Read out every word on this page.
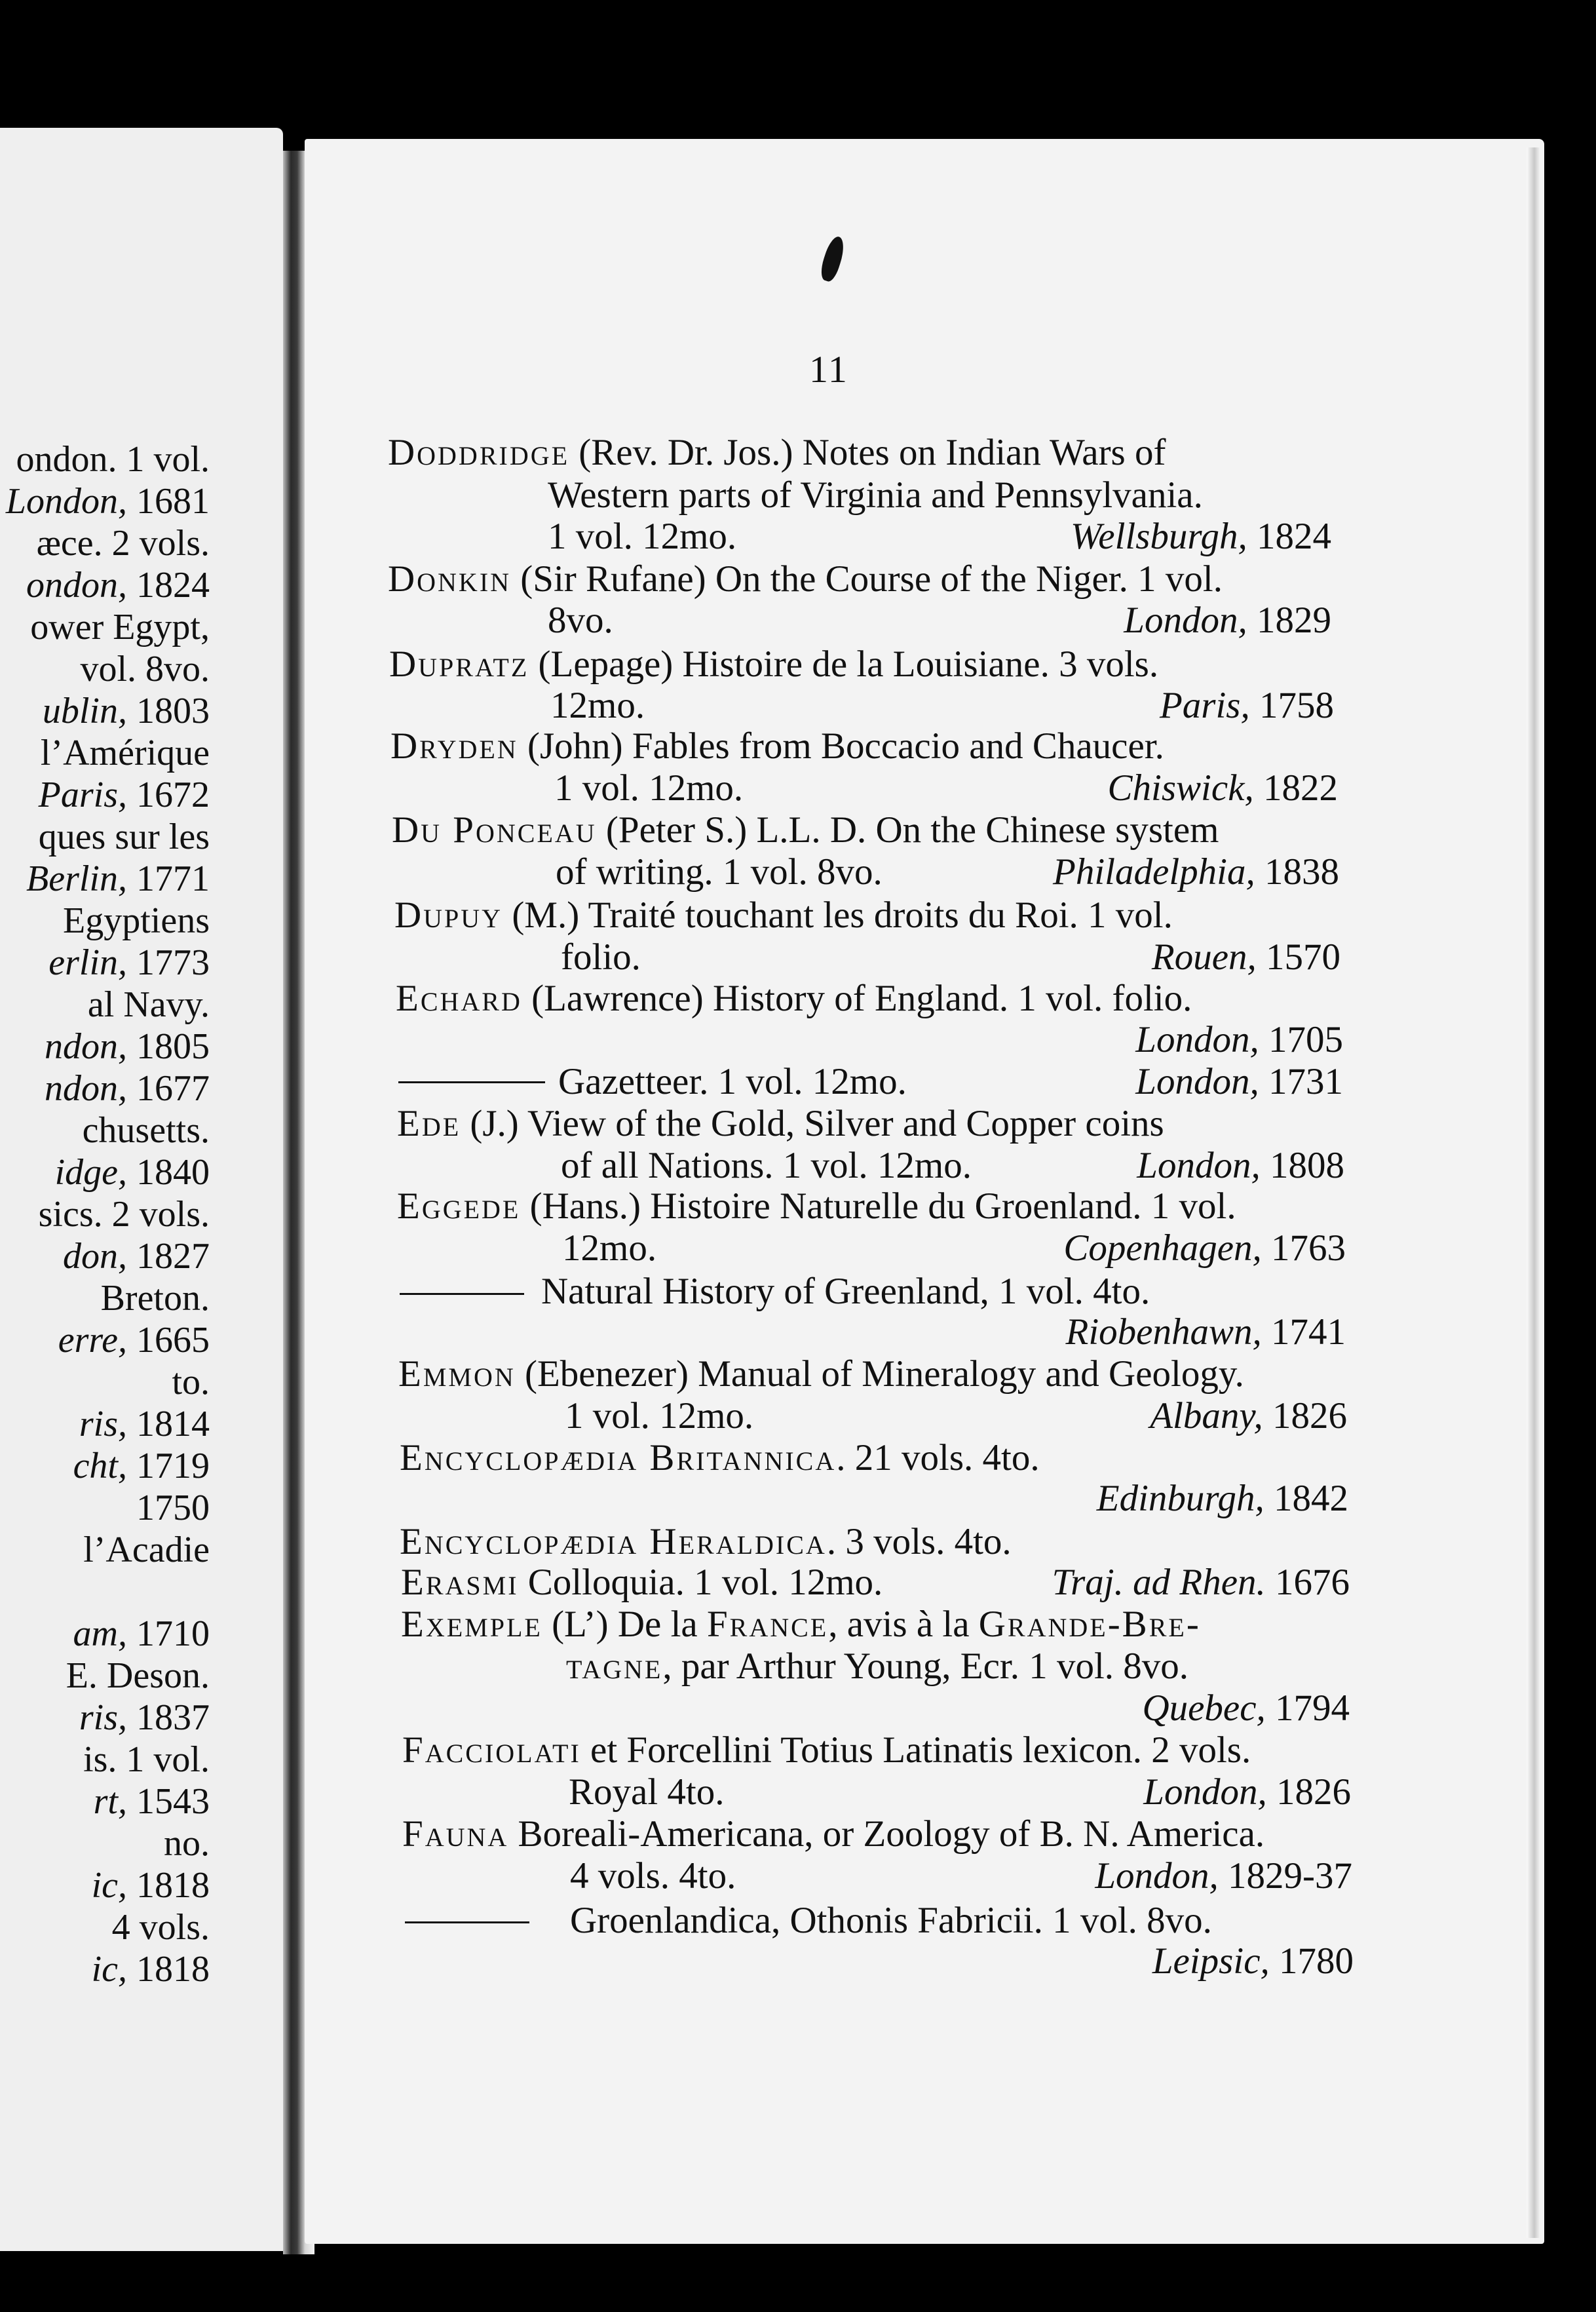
ondon. 1 vol.
London, 1681
æce. 2 vols.
ondon, 1824
ower Egypt,
vol. 8vo.
ublin, 1803
l’Amérique
Paris, 1672
ques sur les
Berlin, 1771
Egyptiens
erlin, 1773
al Navy.
ndon, 1805
ndon, 1677
chusetts.
idge, 1840
sics. 2 vols.
don, 1827
Breton.
erre, 1665
to.
ris, 1814
cht, 1719
1750
l’Acadie
am, 1710
E. Deson.
ris, 1837
is. 1 vol.
rt, 1543
no.
ic, 1818
4 vols.
ic, 1818
11
Doddridge (Rev. Dr. Jos.) Notes on Indian Wars of
Western parts of Virginia and Pennsylvania.
1 vol. 12mo.	Wellsburgh, 1824
Donkin (Sir Rufane) On the Course of the Niger. 1 vol.
8vo.	London, 1829
Dupratz (Lepage) Histoire de la Louisiane. 3 vols.
12mo.	Paris, 1758
Dryden (John) Fables from Boccacio and Chaucer.
1 vol. 12mo.	Chiswick, 1822
Du Ponceau (Peter S.) L.L. D. On the Chinese system
of writing. 1 vol. 8vo.	Philadelphia, 1838
Dupuy (M.) Traité touchant les droits du Roi. 1 vol.
folio.	Rouen, 1570
Echard (Lawrence) History of England. 1 vol. folio.
London, 1705
Gazetteer. 1 vol. 12mo.	London, 1731
Ede (J.) View of the Gold, Silver and Copper coins
of all Nations. 1 vol. 12mo.	London, 1808
Eggede (Hans.) Histoire Naturelle du Groenland. 1 vol.
12mo.	Copenhagen, 1763
Natural History of Greenland, 1 vol. 4to.
Riobenhawn, 1741
Emmon (Ebenezer) Manual of Mineralogy and Geology.
1 vol. 12mo.	Albany, 1826
Encyclopædia Britannica. 21 vols. 4to.
Edinburgh, 1842
Encyclopædia Heraldica. 3 vols. 4to.
Erasmi Colloquia. 1 vol. 12mo.	Traj. ad Rhen. 1676
Exemple (L’) De la France, avis à la Grande-Bre-
tagne, par Arthur Young, Ecr. 1 vol. 8vo.
Quebec, 1794
Facciolati et Forcellini Totius Latinatis lexicon. 2 vols.
Royal 4to.	London, 1826
Fauna Boreali-Americana, or Zoology of B. N. America.
4 vols. 4to.	London, 1829-37
Groenlandica, Othonis Fabricii. 1 vol. 8vo.
Leipsic, 1780
